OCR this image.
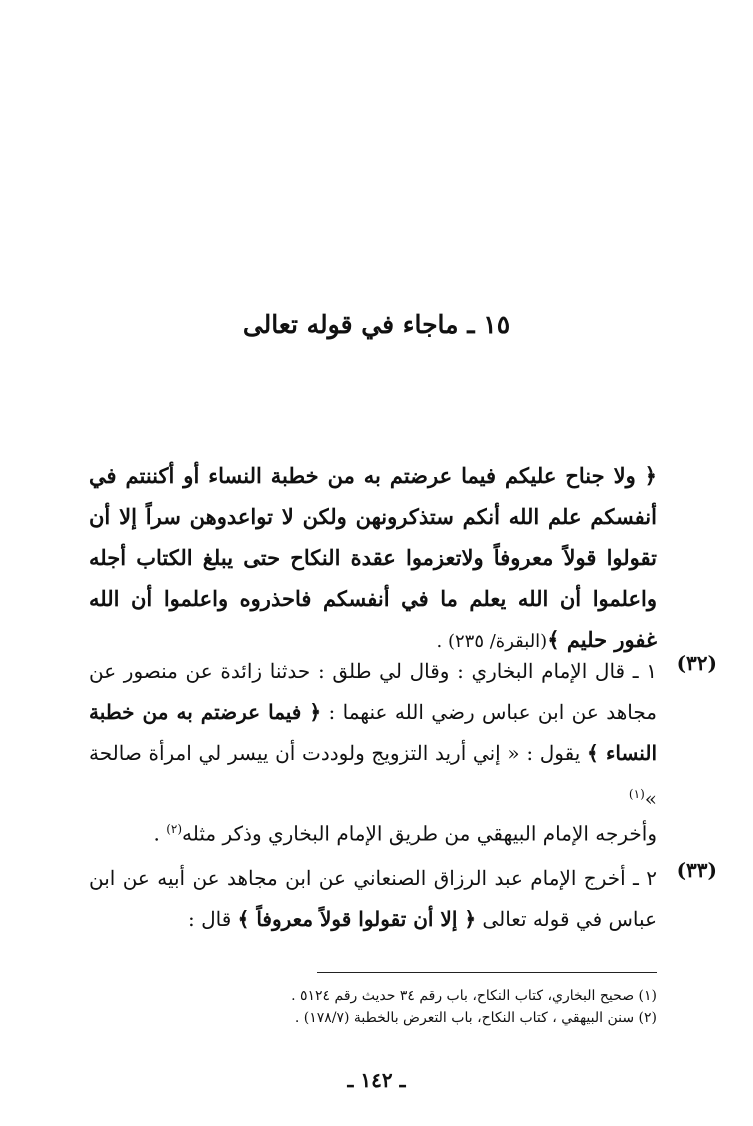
١٥ ـ ماجاء في قوله تعالى
﴿ ولا جناح عليكم فيما عرضتم به من خطبة النساء أو أكننتم في أنفسكم علم الله أنكم ستذكرونهن ولكن لا تواعدوهن سراً إلا أن تقولوا قولاً معروفاً ولاتعزموا عقدة النكاح حتى يبلغ الكتاب أجله واعلموا أن الله يعلم ما في أنفسكم فاحذروه واعلموا أن الله غفور حليم ﴾(البقرة/ ٢٣٥) .
(٣٢)
١ ـ قال الإمام البخاري : وقال لي طلق : حدثنا زائدة عن منصور عن مجاهد عن ابن عباس رضي الله عنهما : ﴿ فيما عرضتم به من خطبة النساء ﴾ يقول : « إني أريد التزويج ولوددت أن ييسر لي امرأة صالحة »$^{(١)}$
وأخرجه الإمام البيهقي من طريق الإمام البخاري وذكر مثله$^{(٢)}$ .
(٣٣)
٢ ـ أخرج الإمام عبد الرزاق الصنعاني عن ابن مجاهد عن أبيه عن ابن عباس في قوله تعالى ﴿ إلا أن تقولوا قولاً معروفاً ﴾ قال :
(١) صحيح البخاري، كتاب النكاح، باب رقم ٣٤ حديث رقم ٥١٢٤ .
(٢) سنن البيهقي ، كتاب النكاح، باب التعرض بالخطبة (١٧٨/٧) .
ـ ١٤٢ ـ
